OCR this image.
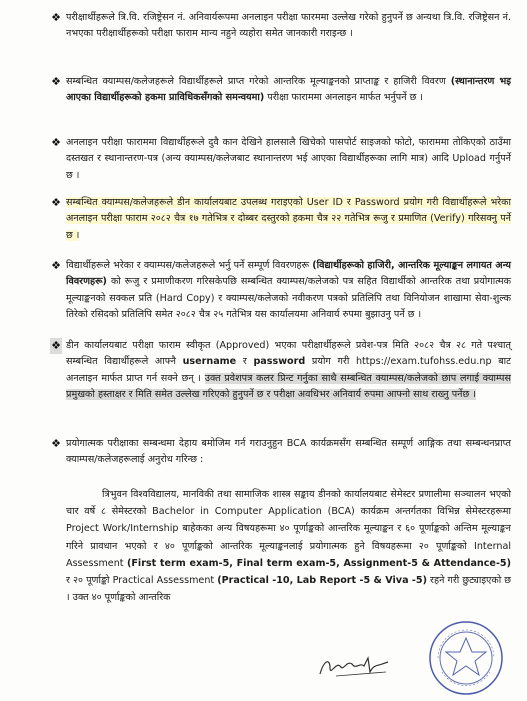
❖ परीक्षार्थीहरूले त्रि.वि. रजिष्ट्रेसन नं. अनिवार्यरूपमा अनलाइन परीक्षा फारममा उल्लेख गरेको हुनुपर्ने छ अन्यथा त्रि.वि. रजिष्ट्रेसन नं. नभएका परीक्षार्थीहरूको परीक्षा फाराम मान्य नहुने व्यहोरा समेत जानकारी गराइन्छ ।
❖ सम्बन्धित क्याम्पस/कलेजहरूले विद्यार्थीहरूले प्राप्त गरेको आन्तरिक मूल्याङ्कनको प्राप्ताङ्क र हाजिरी विवरण (स्थानान्तरण भइ आएका विद्यार्थीहरूको हकमा प्राविधिकसँगको समन्वयमा) परीक्षा फाराममा अनलाइन मार्फत भर्नुपर्ने छ ।
❖ अनलाइन परीक्षा फाराममा विद्यार्थीहरूले दुवै कान देखिने हालसालै खिचेको पासपोर्ट साइजको फोटो, फाराममा तोकिएको ठाउँमा दस्तखत र स्थानान्तरण-पत्र (अन्य क्याम्पस/कलेजबाट स्थानान्तरण भई आएका विद्यार्थीहरूका लागि मात्र) आदि Upload गर्नुपर्ने छ ।
❖ सम्बन्धित क्याम्पस/कलेजहरूले डीन कार्यालयबाट उपलब्ध गराइएको User ID र Password प्रयोग गरी विद्यार्थीहरूले भरेका अनलाइन परीक्षा फाराम २०८२ चैत्र १७ गतेभित्र र दोब्बर दस्तुरको हकमा चैत्र २२ गतेभित्र रूजु र प्रमाणित (Verify) गरिसक्नु पर्ने छ ।
❖ विद्यार्थीहरूले भरेका र क्याम्पस/कलेजहरूले भर्नु पर्ने सम्पूर्ण विवरणहरू (विद्यार्थीहरूको हाजिरी, आन्तरिक मूल्याङ्कन लगायत अन्य विवरणहरू) को रूजु र प्रमाणीकरण गरिसकेपछि सम्बन्धित क्याम्पस/कलेजको पत्र सहित विद्यार्थीको आन्तरिक तथा प्रयोगात्मक मूल्याङ्कनको सक्कल प्रति (Hard Copy) र क्याम्पस/कलेजको नवीकरण पत्रको प्रतिलिपि तथा विनियोजन शाखामा सेवा-शुल्क तिरेको रसिदको प्रतिलिपि समेत २०८२ चैत्र २५ गतेभित्र यस कार्यालयमा अनिवार्य रुपमा बुझाउनु पर्ने छ ।
❖ डीन कार्यालयबाट परीक्षा फाराम स्वीकृत (Approved) भएका परीक्षार्थीहरूले प्रवेश-पत्र मिति २०८२ चैत्र २८ गते पश्चात् सम्बन्धित विद्यार्थीहरूले आफ्नै username र password प्रयोग गरी https://exam.tufohss.edu.np बाट अनलाइन मार्फत प्राप्त गर्न सक्ने छन् । उक्त प्रवेशपत्र कलर प्रिन्ट गर्नुका साथै सम्बन्धित क्याम्पस/कलेजको छाप लगाई क्याम्पस प्रमुखको हस्ताक्षर र मिति समेत उल्लेख गरिएको हुनुपर्ने छ र परीक्षा अवधिभर अनिवार्य रुपमा आफ्नो साथ राख्नु पर्नेछ ।
❖ प्रयोगात्मक परीक्षाका सम्बन्धमा देहाय बमोजिम गर्न गराउनुहुन BCA कार्यक्रमसँग सम्बन्धित सम्पूर्ण आङ्गिक तथा सम्बन्धनप्राप्त क्याम्पस/कलेजहरूलाई अनुरोध गरिन्छ :
त्रिभुवन विश्वविद्यालय, मानविकी तथा सामाजिक शास्त्र सङ्काय डीनको कार्यालयबाट सेमेस्टर प्रणालीमा सञ्चालन भएको चार वर्षे ८ सेमेस्टरको Bachelor in Computer Application (BCA) कार्यक्रम अन्तर्गतका विभिन्न सेमेस्टरहरूमा Project Work/Internship बाहेकका अन्य विषयहरूमा ४० पूर्णाङ्कको आन्तरिक मूल्याङ्कन र ६० पूर्णाङ्कको अन्तिम मूल्याङ्कन गरिने प्रावधान भएको र ४० पूर्णाङ्कको आन्तरिक मूल्याङ्कनलाई प्रयोगात्मक हुने विषयहरूमा २० पूर्णाङ्कको Internal Assessment (First term exam-5, Final term exam-5, Assignment-5 & Attendance-5) र २० पूर्णाङ्को Practical Assessment (Practical -10, Lab Report -5 & Viva -5) रहने गरी छुट्याइएको छ । उक्त ४० पूर्णाङ्कको आन्तरिक
